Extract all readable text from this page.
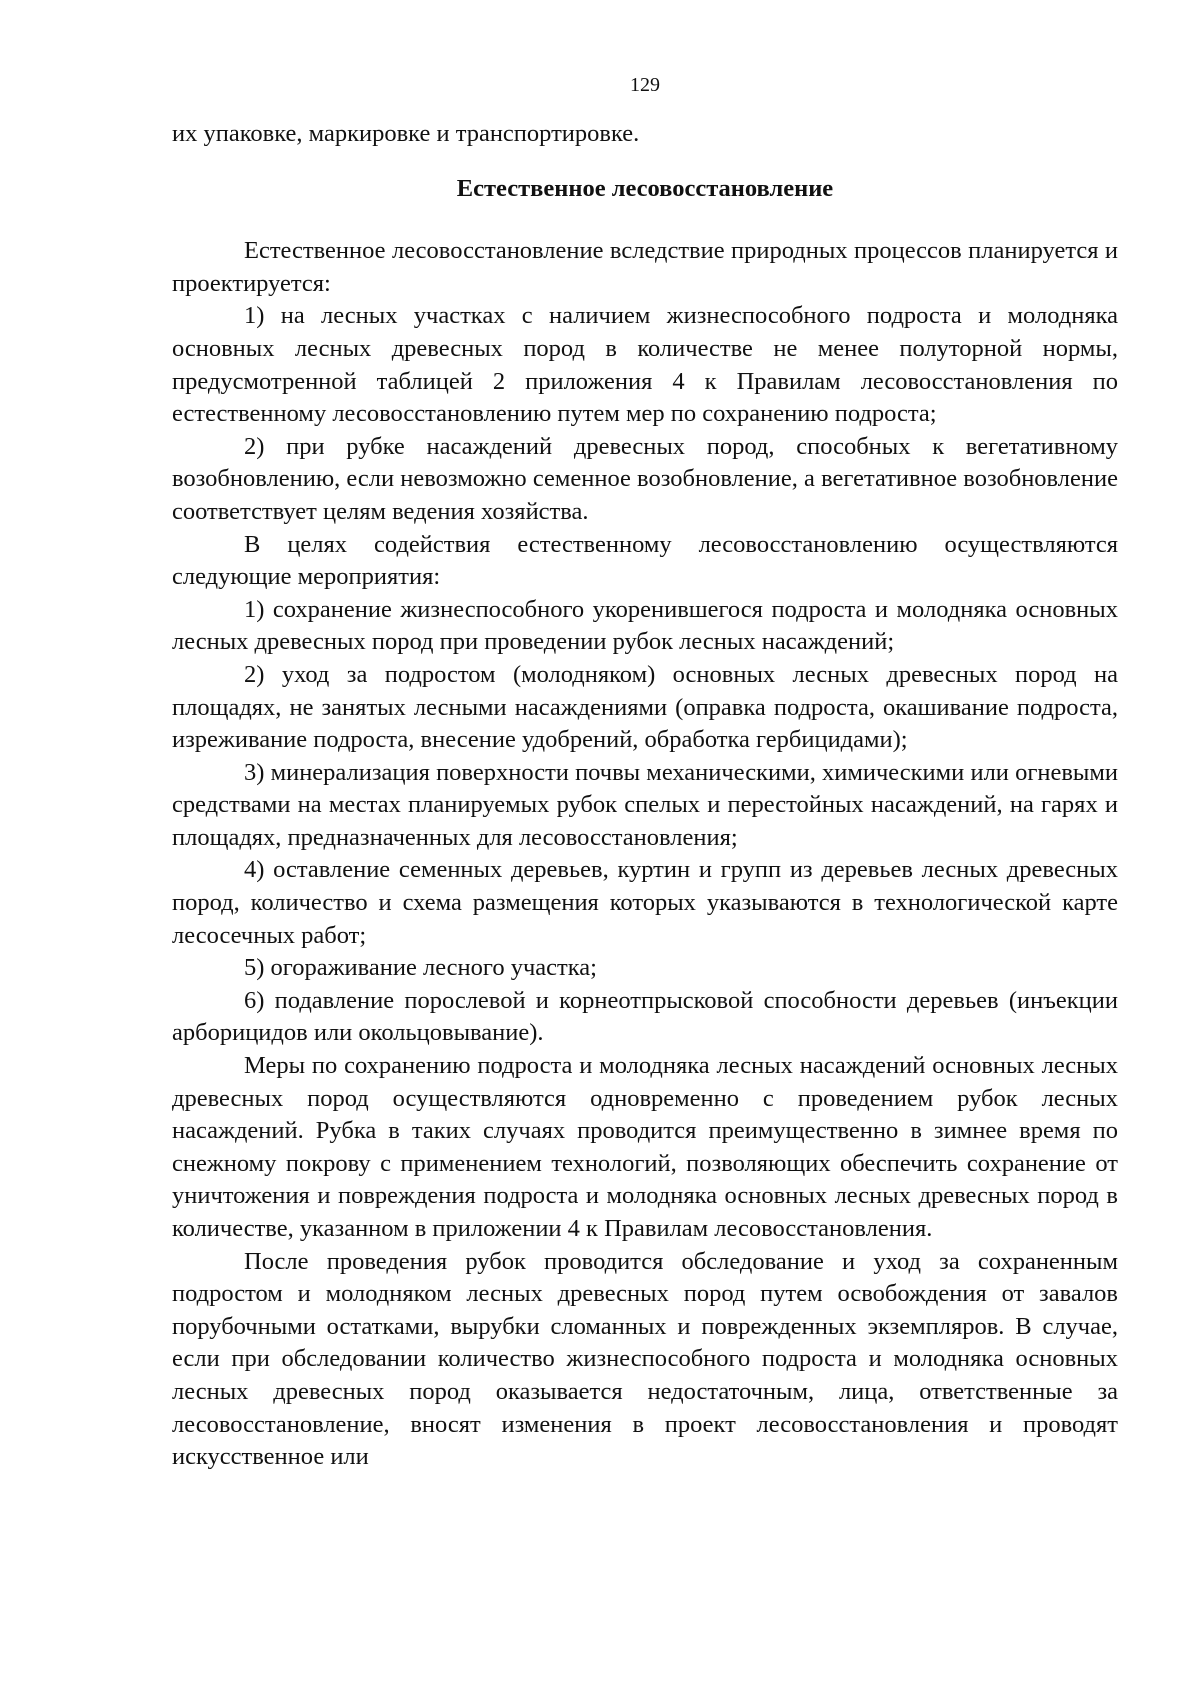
129

их упаковке, маркировке и транспортировке.

Естественное лесовосстановление

Естественное лесовосстановление вследствие природных процессов планируется и проектируется:

1) на лесных участках с наличием жизнеспособного подроста и молодняка основных лесных древесных пород в количестве не менее полуторной нормы, предусмотренной таблицей 2 приложения 4 к Правилам лесовосстановления по естественному лесовосстановлению путем мер по сохранению подроста;

2) при рубке насаждений древесных пород, способных к вегетативному возобновлению, если невозможно семенное возобновление, а вегетативное возобновление соответствует целям ведения хозяйства.

В целях содействия естественному лесовосстановлению осуществляются следующие мероприятия:

1) сохранение жизнеспособного укоренившегося подроста и молодняка основных лесных древесных пород при проведении рубок лесных насаждений;

2) уход за подростом (молодняком) основных лесных древесных пород на площадях, не занятых лесными насаждениями (оправка подроста, окашивание подроста, изреживание подроста, внесение удобрений, обработка гербицидами);

3) минерализация поверхности почвы механическими, химическими или огневыми средствами на местах планируемых рубок спелых и перестойных насаждений, на гарях и площадях, предназначенных для лесовосстановления;

4) оставление семенных деревьев, куртин и групп из деревьев лесных древесных пород, количество и схема размещения которых указываются в технологической карте лесосечных работ;

5) огораживание лесного участка;

6) подавление порослевой и корнеотпрысковой способности деревьев (инъекции арборицидов или окольцовывание).

Меры по сохранению подроста и молодняка лесных насаждений основных лесных древесных пород осуществляются одновременно с проведением рубок лесных насаждений. Рубка в таких случаях проводится преимущественно в зимнее время по снежному покрову с применением технологий, позволяющих обеспечить сохранение от уничтожения и повреждения подроста и молодняка основных лесных древесных пород в количестве, указанном в приложении 4 к Правилам лесовосстановления.

После проведения рубок проводится обследование и уход за сохраненным подростом и молодняком лесных древесных пород путем освобождения от завалов порубочными остатками, вырубки сломанных и поврежденных экземпляров. В случае, если при обследовании количество жизнеспособного подроста и молодняка основных лесных древесных пород оказывается недостаточным, лица, ответственные за лесовосстановление, вносят изменения в проект лесовосстановления и проводят искусственное или
